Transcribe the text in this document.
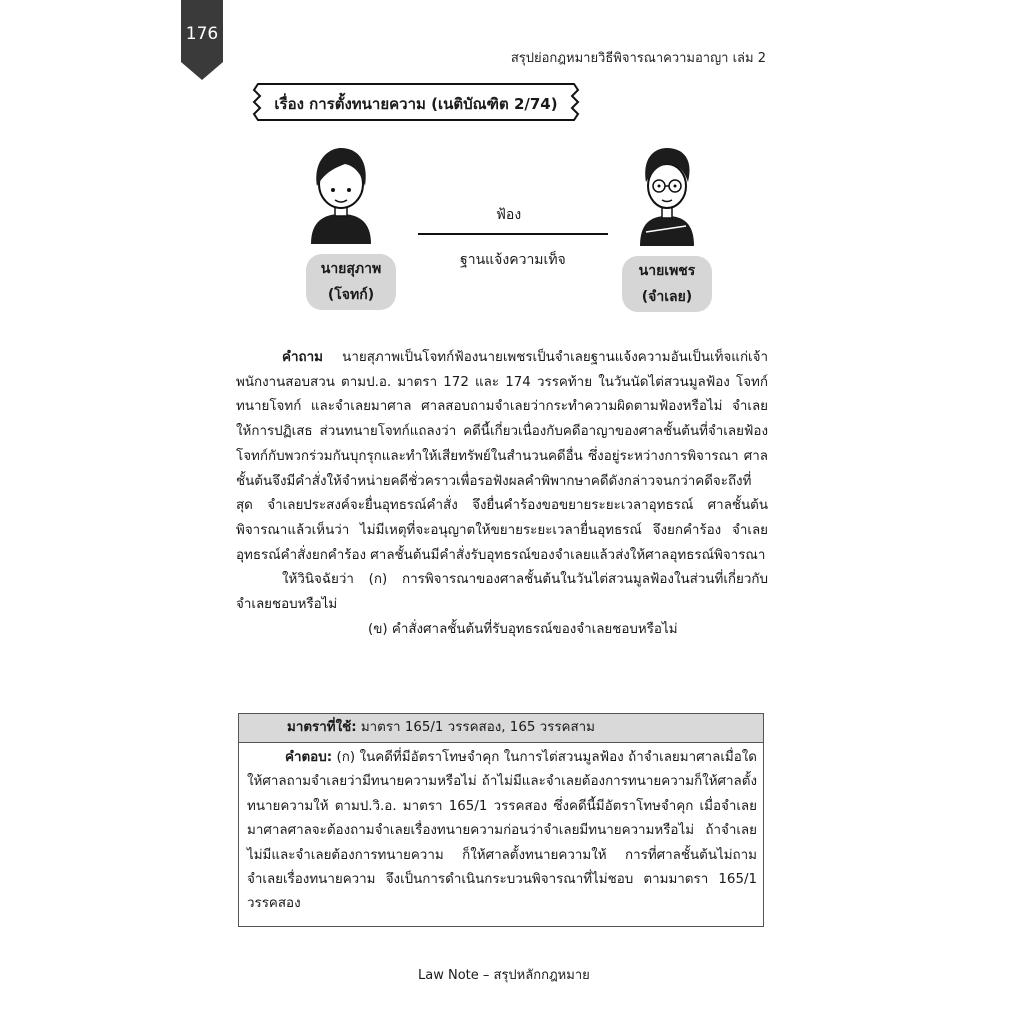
176
สรุปย่อกฎหมายวิธีพิจารณาความอาญา เล่ม 2
เรื่อง การตั้งทนายความ (เนติบัณฑิต 2/74)
นายสุภาพ
(โจทก์)
ฟ้อง
ฐานแจ้งความเท็จ
นายเพชร
(จำเลย)

คำถาม นายสุภาพเป็นโจทก์ฟ้องนายเพชรเป็นจำเลยฐานแจ้งความอันเป็นเท็จแก่เจ้าพนักงานสอบสวน ตามป.อ. มาตรา 172 และ 174 วรรคท้าย ในวันนัดไต่สวนมูลฟ้อง โจทก์ ทนายโจทก์ และจำเลยมาศาล ศาลสอบถามจำเลยว่ากระทำความผิดตามฟ้องหรือไม่ จำเลยให้การปฏิเสธ ส่วนทนายโจทก์แถลงว่า คดีนี้เกี่ยวเนื่องกับคดีอาญาของศาลชั้นต้นที่จำเลยฟ้องโจทก์กับพวกร่วมกันบุกรุกและทำให้เสียทรัพย์ในสำนวนคดีอื่น ซึ่งอยู่ระหว่างการพิจารณา ศาลชั้นต้นจึงมีคำสั่งให้จำหน่ายคดีชั่วคราวเพื่อรอฟังผลคำพิพากษาคดีดังกล่าวจนกว่าคดีจะถึงที่สุด จำเลยประสงค์จะยื่นอุทธรณ์คำสั่ง จึงยื่นคำร้องขอขยายระยะเวลาอุทธรณ์ ศาลชั้นต้นพิจารณาแล้วเห็นว่า ไม่มีเหตุที่จะอนุญาตให้ขยายระยะเวลายื่นอุทธรณ์ จึงยกคำร้อง จำเลยอุทธรณ์คำสั่งยกคำร้อง ศาลชั้นต้นมีคำสั่งรับอุทธรณ์ของจำเลยแล้วส่งให้ศาลอุทธรณ์พิจารณา

ให้วินิจฉัยว่า (ก) การพิจารณาของศาลชั้นต้นในวันไต่สวนมูลฟ้องในส่วนที่เกี่ยวกับจำเลยชอบหรือไม่

(ข) คำสั่งศาลชั้นต้นที่รับอุทธรณ์ของจำเลยชอบหรือไม่

มาตราที่ใช้: มาตรา 165/1 วรรคสอง, 165 วรรคสาม
คำตอบ: (ก) ในคดีที่มีอัตราโทษจำคุก ในการไต่สวนมูลฟ้อง ถ้าจำเลยมาศาลเมื่อใด ให้ศาลถามจำเลยว่ามีทนายความหรือไม่ ถ้าไม่มีและจำเลยต้องการทนายความก็ให้ศาลตั้งทนายความให้ ตามป.วิ.อ. มาตรา 165/1 วรรคสอง ซึ่งคดีนี้มีอัตราโทษจำคุก เมื่อจำเลยมาศาลศาลจะต้องถามจำเลยเรื่องทนายความก่อนว่าจำเลยมีทนายความหรือไม่ ถ้าจำเลยไม่มีและจำเลยต้องการทนายความ ก็ให้ศาลตั้งทนายความให้ การที่ศาลชั้นต้นไม่ถามจำเลยเรื่องทนายความ จึงเป็นการดำเนินกระบวนพิจารณาที่ไม่ชอบ ตามมาตรา 165/1 วรรคสอง
Law Note – สรุปหลักกฎหมาย
